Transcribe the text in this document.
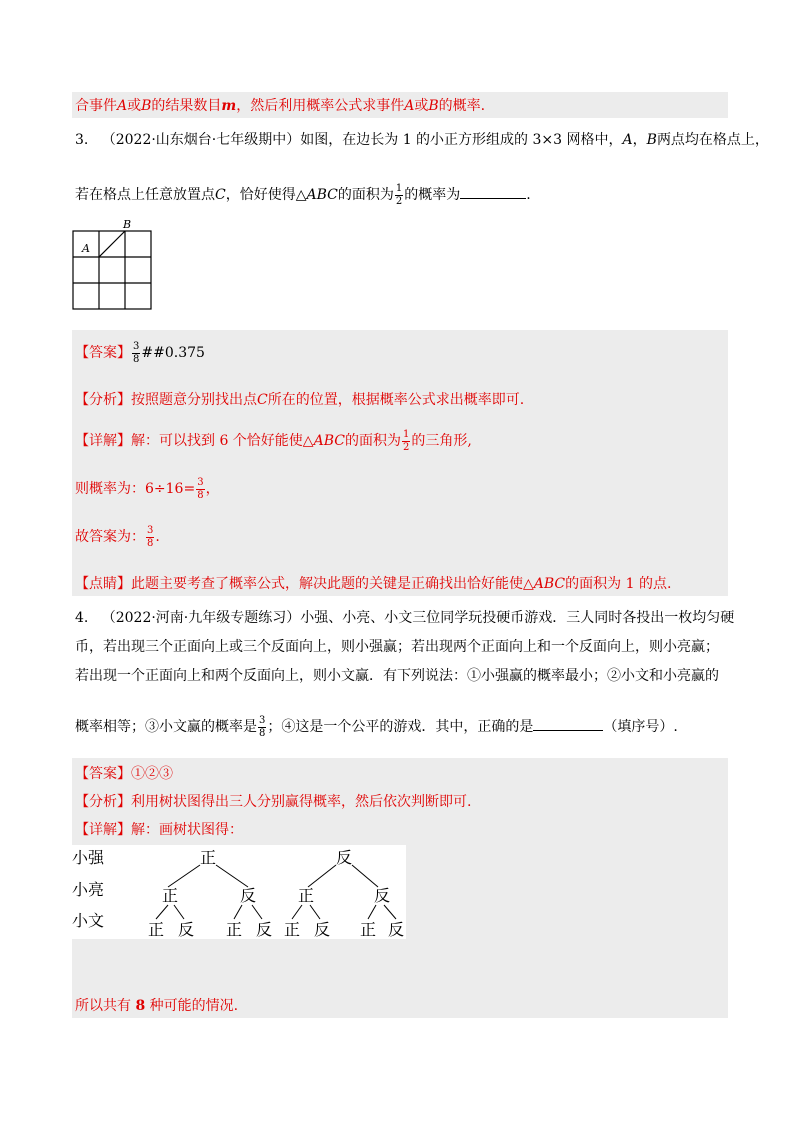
合事件A或B的结果数目m，然后利用概率公式求事件A或B的概率.
3. （2022·山东烟台·七年级期中）如图，在边长为 1 的小正方形组成的 3×3 网格中，A，B两点均在格点上，
若在格点上任意放置点C，恰好使得△ABC的面积为 $\frac{1}{2}$ 的概率为	.
A
B
【答案】 $\frac{3}{8}$ ##0.375
【分析】按照题意分别找出点C所在的位置，根据概率公式求出概率即可.
【详解】解：可以找到 6 个恰好能使△ABC的面积为 $\frac{1}{2}$ 的三角形,
则概率为：$6\div 16= \frac{3}{8}$ ，
故答案为： $\frac{3}{8}$ .
【点睛】此题主要考查了概率公式，解决此题的关键是正确找出恰好能使△ABC的面积为 1 的点.
4. （2022·河南·九年级专题练习）小强、小亮、小文三位同学玩投硬币游戏．三人同时各投出一枚均匀硬
币，若出现三个正面向上或三个反面向上，则小强赢；若出现两个正面向上和一个反面向上，则小亮赢；
若出现一个正面向上和两个反面向上，则小文赢．有下列说法：①小强赢的概率最小；②小文和小亮赢的
概率相等；③小文赢的概率是 $\frac{3}{8}$ ；④这是一个公平的游戏．其中，正确的是	（填序号）.
【答案】①②③
【分析】利用树状图得出三人分别赢得概率，然后依次判断即可.
【详解】解：画树状图得：
小强
小亮
小文
正	反
正	反	正	反
正 反 正 反 正 反 正 反
所以共有 8 种可能的情况.
